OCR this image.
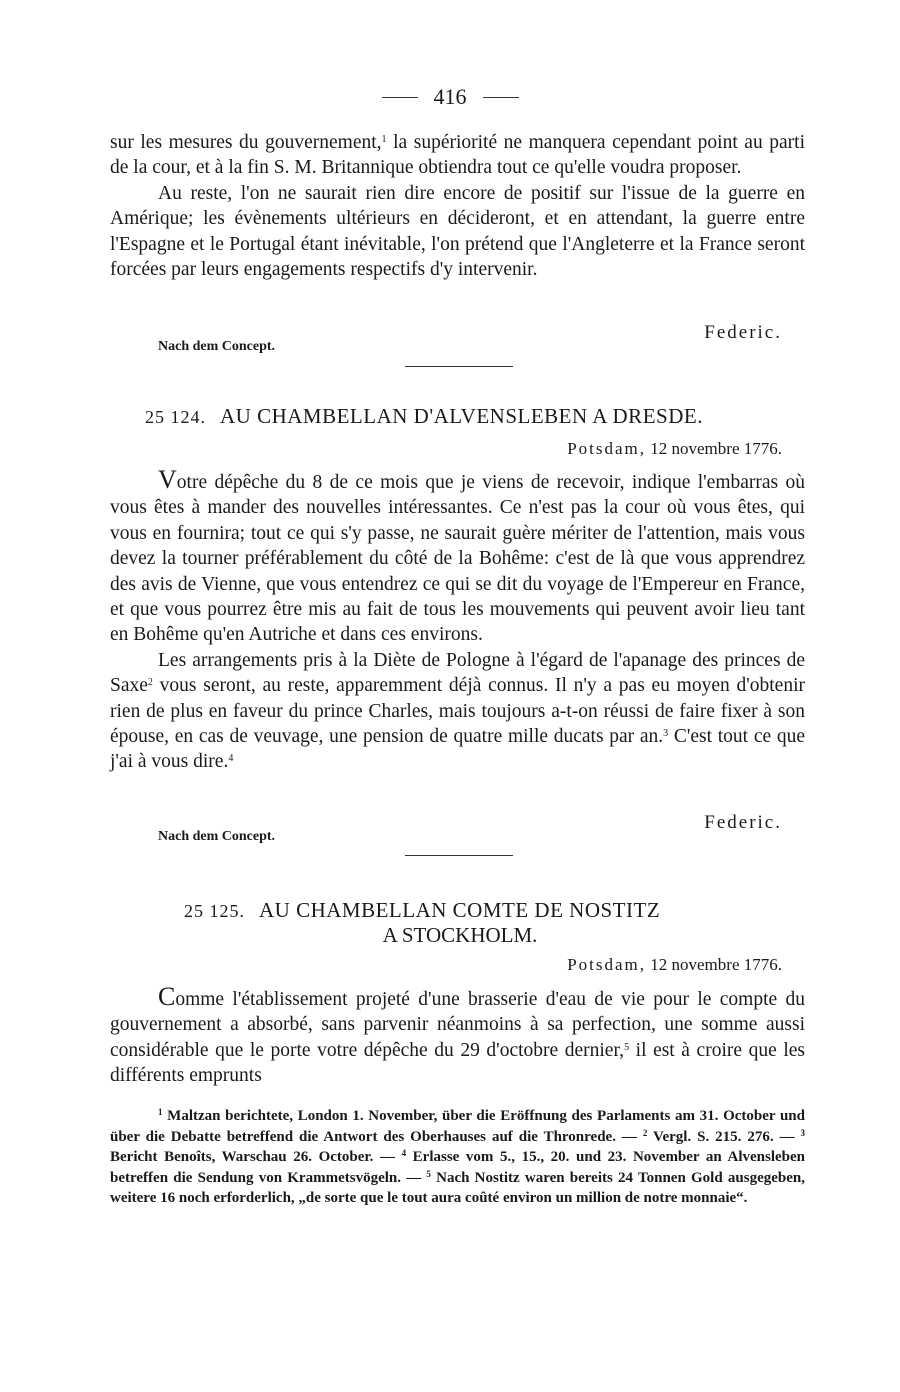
416

sur les mesures du gouvernement,$^1$ la supériorité ne manquera cependant point au parti de la cour, et à la fin S. M. Britannique obtiendra tout ce qu'elle voudra proposer.

Au reste, l'on ne saurait rien dire encore de positif sur l'issue de la guerre en Amérique; les évènements ultérieurs en décideront, et en attendant, la guerre entre l'Espagne et le Portugal étant inévitable, l'on prétend que l'Angleterre et la France seront forcées par leurs engagements respectifs d'y intervenir.

Federic.
Nach dem Concept.
25 124. AU CHAMBELLAN D'ALVENSLEBEN A DRESDE.
Potsdam, 12 novembre 1776.

Votre dépêche du 8 de ce mois que je viens de recevoir, indique l'embarras où vous êtes à mander des nouvelles intéressantes. Ce n'est pas la cour où vous êtes, qui vous en fournira; tout ce qui s'y passe, ne saurait guère mériter de l'attention, mais vous devez la tourner préférablement du côté de la Bohême: c'est de là que vous apprendrez des avis de Vienne, que vous entendrez ce qui se dit du voyage de l'Empereur en France, et que vous pourrez être mis au fait de tous les mouvements qui peuvent avoir lieu tant en Bohême qu'en Autriche et dans ces environs.

Les arrangements pris à la Diète de Pologne à l'égard de l'apanage des princes de Saxe$^2$ vous seront, au reste, apparemment déjà connus. Il n'y a pas eu moyen d'obtenir rien de plus en faveur du prince Charles, mais toujours a-t-on réussi de faire fixer à son épouse, en cas de veuvage, une pension de quatre mille ducats par an.$^3$ C'est tout ce que j'ai à vous dire.$^4$

Federic.
Nach dem Concept.
25 125. AU CHAMBELLAN COMTE DE NOSTITZ
A STOCKHOLM.
Potsdam, 12 novembre 1776.

Comme l'établissement projeté d'une brasserie d'eau de vie pour le compte du gouvernement a absorbé, sans parvenir néanmoins à sa perfection, une somme aussi considérable que le porte votre dépêche du 29 d'octobre dernier,$^5$ il est à croire que les différents emprunts

$^1$ Maltzan berichtete, London 1. November, über die Eröffnung des Parlaments am 31. October und über die Debatte betreffend die Antwort des Oberhauses auf die Thronrede. — $^2$ Vergl. S. 215. 276. — $^3$ Bericht Benoîts, Warschau 26. October. — $^4$ Erlasse vom 5., 15., 20. und 23. November an Alvensleben betreffen die Sendung von Krammetsvögeln. — $^5$ Nach Nostitz waren bereits 24 Tonnen Gold ausgegeben, weitere 16 noch erforderlich, „de sorte que le tout aura coûté environ un million de notre monnaie“.
